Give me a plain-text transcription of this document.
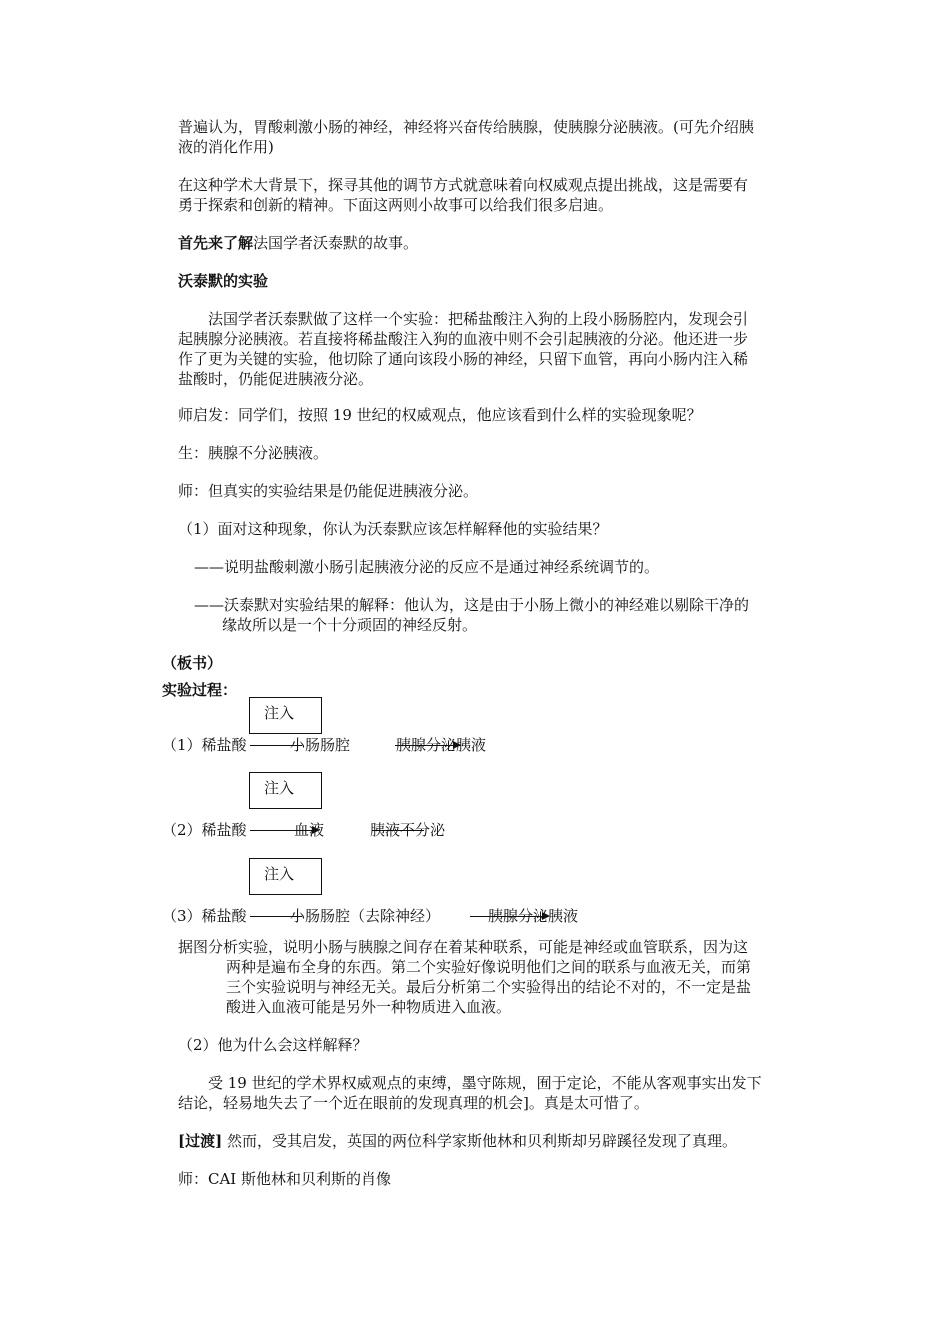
普遍认为，胃酸刺激小肠的神经，神经将兴奋传给胰腺，使胰腺分泌胰液。(可先介绍胰
液的消化作用)
在这种学术大背景下，探寻其他的调节方式就意味着向权威观点提出挑战，这是需要有
勇于探索和创新的精神。下面这两则小故事可以给我们很多启迪。
首先来了解法国学者沃泰默的故事。
沃泰默的实验
法国学者沃泰默做了这样一个实验：把稀盐酸注入狗的上段小肠肠腔内，发现会引
起胰腺分泌胰液。若直接将稀盐酸注入狗的血液中则不会引起胰液的分泌。他还进一步
作了更为关键的实验，他切除了通向该段小肠的神经，只留下血管，再向小肠内注入稀
盐酸时，仍能促进胰液分泌。
师启发：同学们，按照 19 世纪的权威观点，他应该看到什么样的实验现象呢？
生：胰腺不分泌胰液。
师：但真实的实验结果是仍能促进胰液分泌。
（1）面对这种现象，你认为沃泰默应该怎样解释他的实验结果？
——说明盐酸刺激小肠引起胰液分泌的反应不是通过神经系统调节的。
——沃泰默对实验结果的解释：他认为，这是由于小肠上微小的神经难以剔除干净的
缘故所以是一个十分顽固的神经反射。
（板书）
实验过程：
注入
（1）稀盐酸	小肠肠腔	胰腺分泌胰液
注入
（2）稀盐酸	血液	胰液不分泌
注入
（3）稀盐酸	小肠肠腔（去除神经）	胰腺分泌胰液
据图分析实验，说明小肠与胰腺之间存在着某种联系，可能是神经或血管联系，因为这
两种是遍布全身的东西。第二个实验好像说明他们之间的联系与血液无关，而第
三个实验说明与神经无关。最后分析第二个实验得出的结论不对的，不一定是盐
酸进入血液可能是另外一种物质进入血液。
（2）他为什么会这样解释？
受 19 世纪的学术界权威观点的束缚，墨守陈规，囿于定论，不能从客观事实出发下
结论，轻易地失去了一个近在眼前的发现真理的机会]。真是太可惜了。
[过渡] 然而，受其启发，英国的两位科学家斯他林和贝利斯却另辟蹊径发现了真理。
师：CAI 斯他林和贝利斯的肖像
